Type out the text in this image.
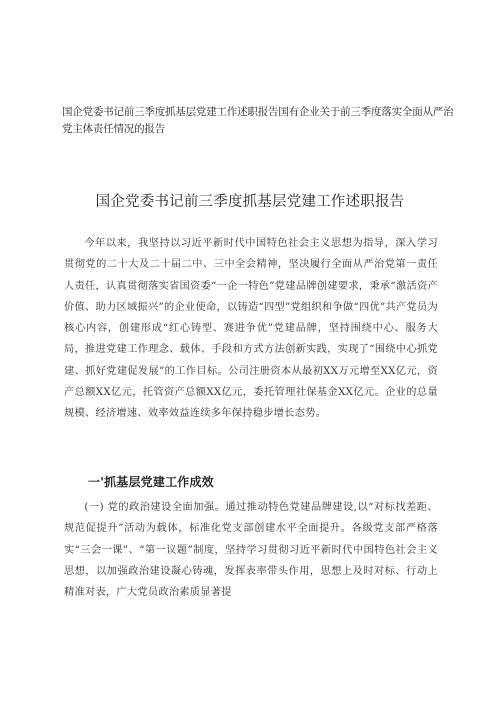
国企党委书记前三季度抓基层党建工作述职报告国有企业关于前三季度落实全面从严治党主体责任情况的报告
国企党委书记前三季度抓基层党建工作述职报告

今年以来，我坚持以习近平新时代中国特色社会主义思想为指导，深入学习贯彻党的二十大及二十届二中、三中全会精神，坚决履行全面从严治党第一责任人责任，认真贯彻落实省国资委“一企一特色”党建品牌创建要求，秉承“激活资产价值、助力区域振兴”的企业使命，以铸造“四型”党组织和争做“四优”共产党员为核心内容，创建形成“红心铸型、赛进争优”党建品牌，坚持围绕中心、服务大局，推进党建工作理念、载体、手段和方式方法创新实践，实现了“围绕中心抓党建、抓好党建促发展”的工作目标。公司注册资本从最初XX万元增至XX亿元，资产总额XX亿元，托管资产总额XX亿元，委托管理社保基金XX亿元。企业的总量规模、经济增速、效率效益连续多年保持稳步增长态势。

一'抓基层党建工作成效

(一) 党的政治建设全面加强。通过推动特色党建品牌建设,以“对标找差距、规范促提升”活动为载体，标准化党支部创建水平全面提升。各级党支部严格落实“三会一课”、“第一议题”制度，坚持学习贯彻习近平新时代中国特色社会主义思想，以加强政治建设凝心铸魂，发挥表率带头作用，思想上及时对标、行动上精准对表，广大党员政治素质显著提
